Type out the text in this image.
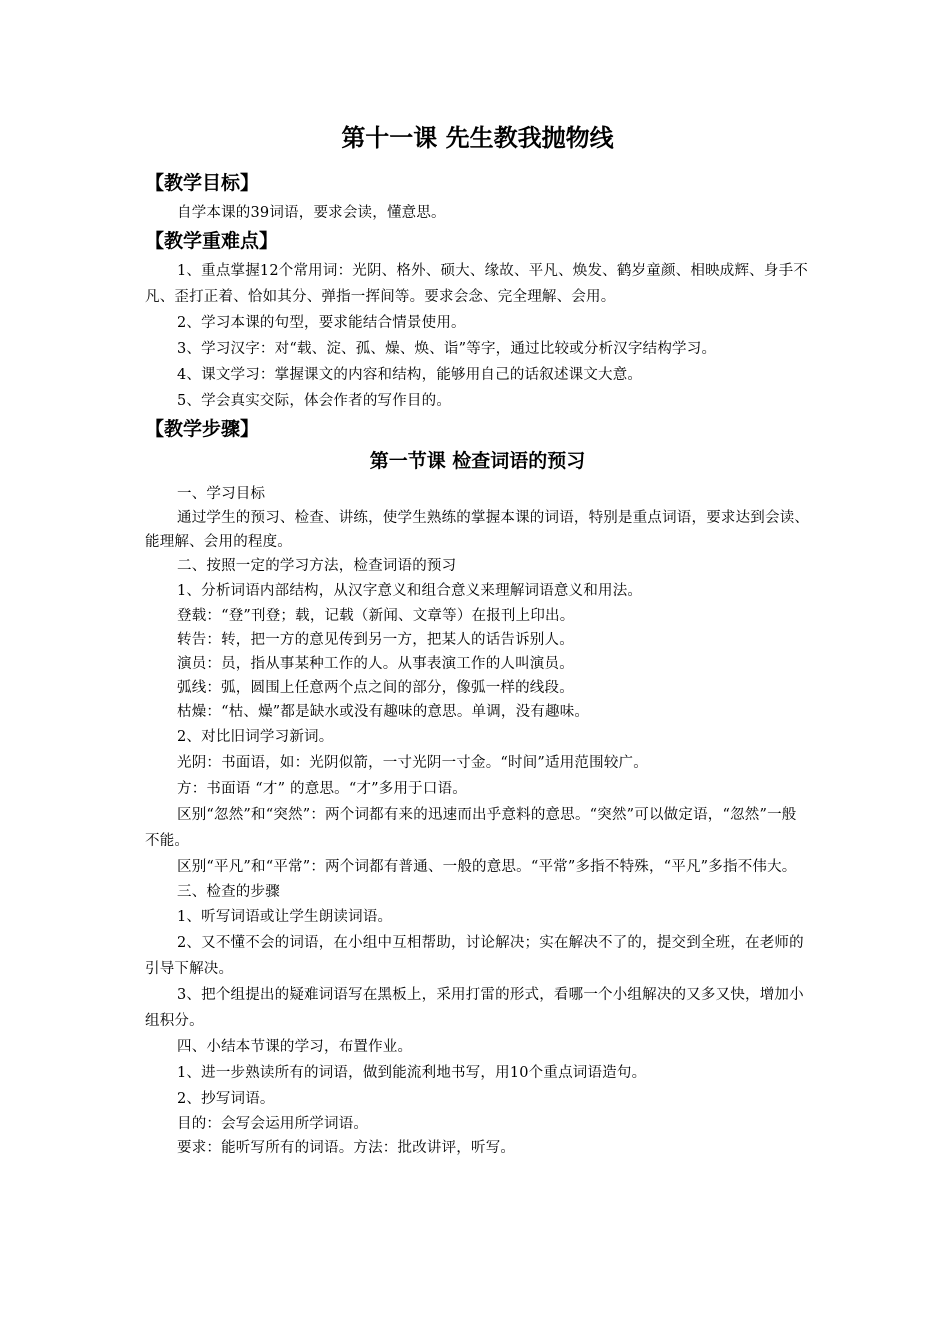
第十一课 先生教我抛物线
【教学目标】

自学本课的39词语，要求会读，懂意思。

【教学重难点】

1、重点掌握12个常用词：光阴、格外、硕大、缘故、平凡、焕发、鹤岁童颜、相映成辉、身手不凡、歪打正着、恰如其分、弹指一挥间等。要求会念、完全理解、会用。

2、学习本课的句型，要求能结合情景使用。

3、学习汉字：对“载、淀、孤、燥、焕、诣”等字，通过比较或分析汉字结构学习。

4、课文学习：掌握课文的内容和结构，能够用自己的话叙述课文大意。

5、学会真实交际，体会作者的写作目的。

【教学步骤】
第一节课 检查词语的预习

一、学习目标

通过学生的预习、检查、讲练，使学生熟练的掌握本课的词语，特别是重点词语，要求达到会读、能理解、会用的程度。

二、按照一定的学习方法，检查词语的预习

1、分析词语内部结构，从汉字意义和组合意义来理解词语意义和用法。

登载：“登”刊登；载，记载（新闻、文章等）在报刊上印出。

转告：转，把一方的意见传到另一方，把某人的话告诉别人。

演员：员，指从事某种工作的人。从事表演工作的人叫演员。

弧线：弧，圆围上任意两个点之间的部分，像弧一样的线段。

枯燥：“枯、燥”都是缺水或没有趣味的意思。单调，没有趣味。

2、对比旧词学习新词。

光阴：书面语，如：光阴似箭，一寸光阴一寸金。“时间”适用范围较广。

方：书面语 “才” 的意思。“才”多用于口语。

区别“忽然”和“突然”：两个词都有来的迅速而出乎意料的意思。“突然”可以做定语，“忽然”一般不能。

区别“平凡”和“平常”：两个词都有普通、一般的意思。“平常”多指不特殊，“平凡”多指不伟大。

三、检查的步骤

1、听写词语或让学生朗读词语。

2、又不懂不会的词语，在小组中互相帮助，讨论解决；实在解决不了的，提交到全班，在老师的引导下解决。

3、把个组提出的疑难词语写在黑板上，采用打雷的形式，看哪一个小组解决的又多又快，增加小组积分。

四、小结本节课的学习，布置作业。

1、进一步熟读所有的词语，做到能流利地书写，用10个重点词语造句。

2、抄写词语。

目的：会写会运用所学词语。

要求：能听写所有的词语。方法：批改讲评，听写。
